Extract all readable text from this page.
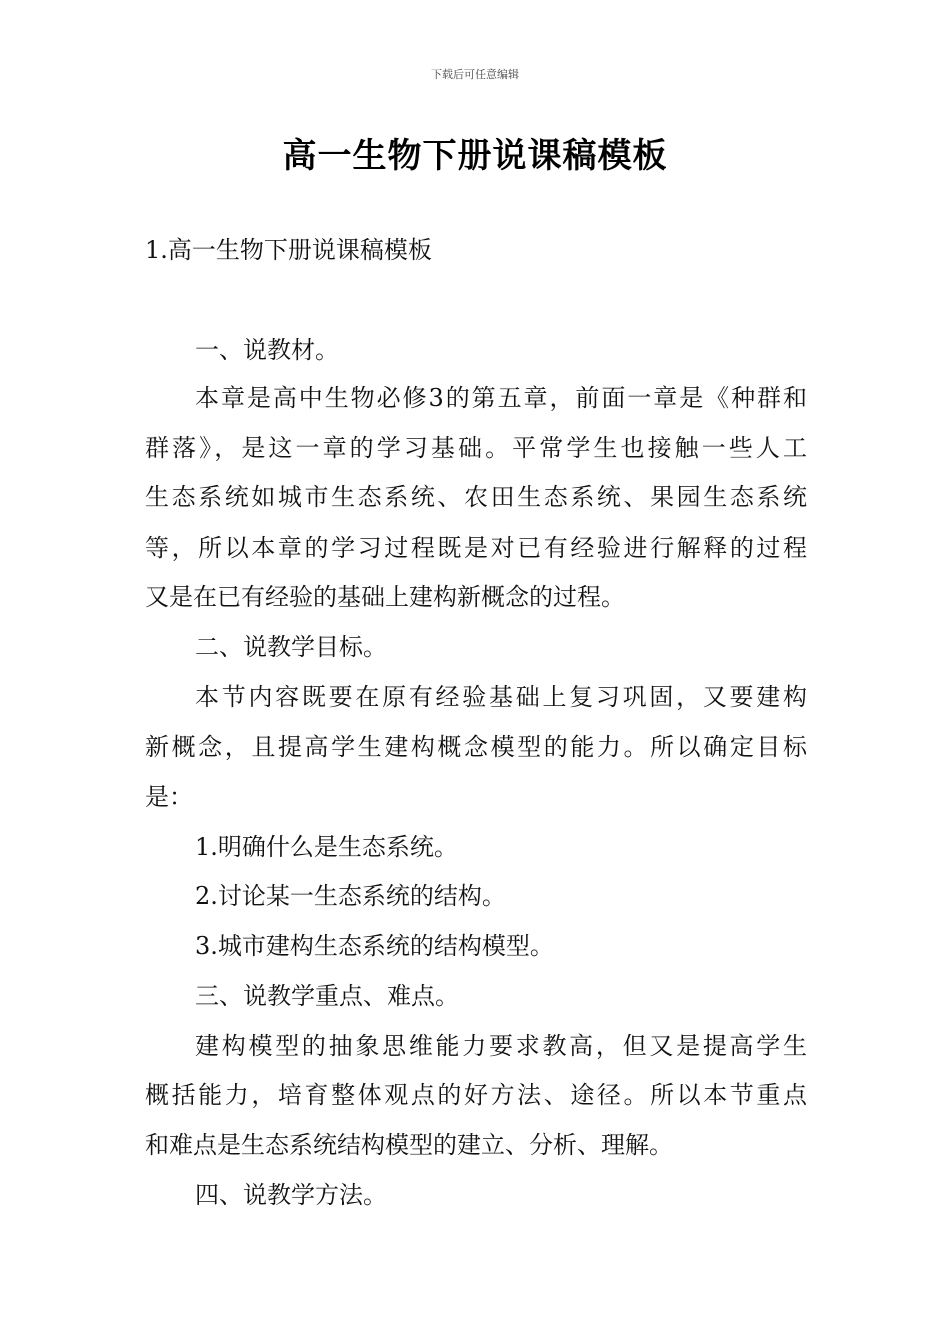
下载后可任意编辑
高一生物下册说课稿模板
1.高一生物下册说课稿模板
一、说教材。
本章是高中生物必修3的第五章，前面一章是《种群和
群落》，是这一章的学习基础。平常学生也接触一些人工
生态系统如城市生态系统、农田生态系统、果园生态系统
等，所以本章的学习过程既是对已有经验进行解释的过程
又是在已有经验的基础上建构新概念的过程。
二、说教学目标。
本节内容既要在原有经验基础上复习巩固，又要建构
新概念，且提高学生建构概念模型的能力。所以确定目标
是：
1.明确什么是生态系统。
2.讨论某一生态系统的结构。
3.城市建构生态系统的结构模型。
三、说教学重点、难点。
建构模型的抽象思维能力要求教高，但又是提高学生
概括能力，培育整体观点的好方法、途径。所以本节重点
和难点是生态系统结构模型的建立、分析、理解。
四、说教学方法。
